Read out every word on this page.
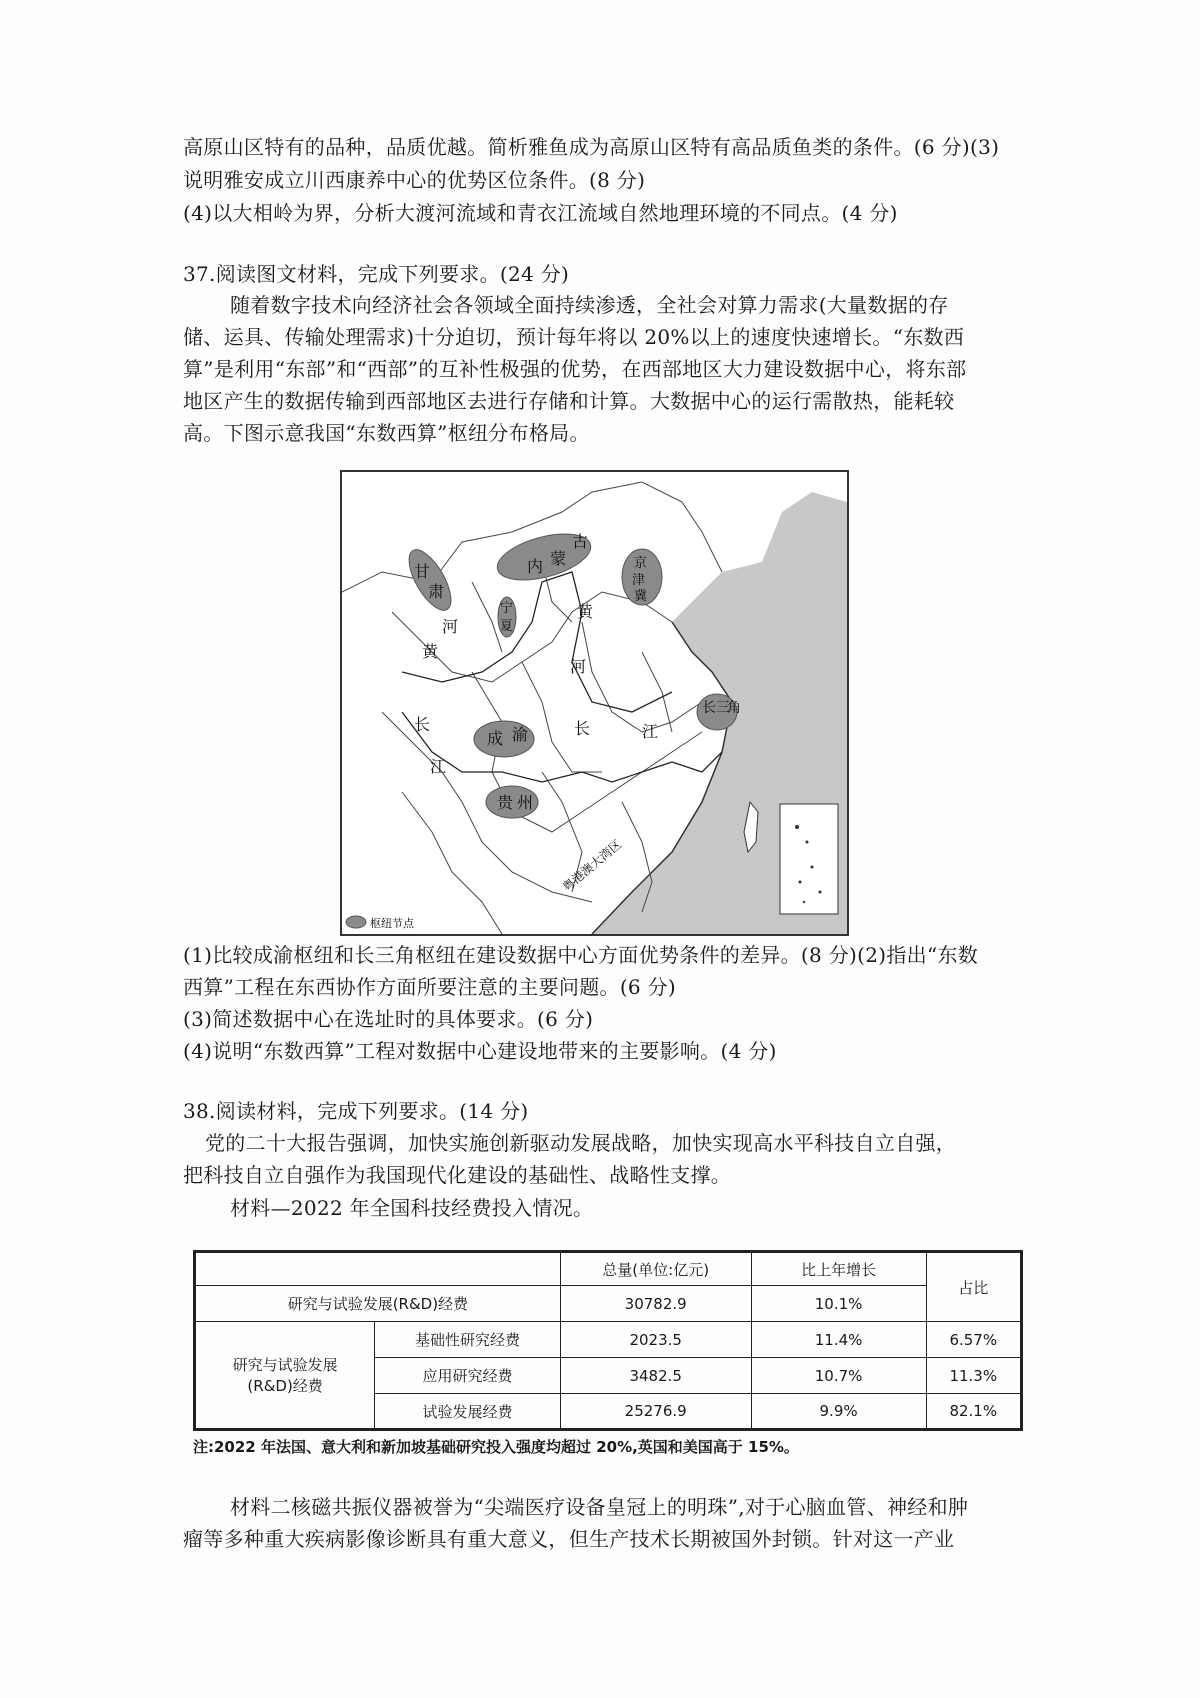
高原山区特有的品种，品质优越。简析雅鱼成为高原山区特有高品质鱼类的条件。(6 分)(3)
说明雅安成立川西康养中心的优势区位条件。(8 分)
(4)以大相岭为界，分析大渡河流域和青衣江流域自然地理环境的不同点。(4 分)
37.阅读图文材料，完成下列要求。(24 分)
随着数字技术向经济社会各领域全面持续渗透，全社会对算力需求(大量数据的存
储、运具、传输处理需求)十分迫切，预计每年将以 20%以上的速度快速增长。“东数西
算”是利用“东部”和“西部”的互补性极强的优势，在西部地区大力建设数据中心，将东部
地区产生的数据传输到西部地区去进行存储和计算。大数据中心的运行需散热，能耗较
高。下图示意我国“东数西算”枢纽分布格局。
甘
肃
内 蒙
古
京
津
冀
宁
夏
河
黄
黄
河
长
江
长	江
成 渝
贵 州
长三
角
粤港澳大湾区
枢纽节点
(1)比较成渝枢纽和长三角枢纽在建设数据中心方面优势条件的差异。(8 分)(2)指出“东数
西算”工程在东西协作方面所要注意的主要问题。(6 分)
(3)简述数据中心在选址时的具体要求。(6 分)
(4)说明“东数西算”工程对数据中心建设地带来的主要影响。(4 分)
38.阅读材料，完成下列要求。(14 分)
党的二十大报告强调，加快实施创新驱动发展战略，加快实现高水平科技自立自强，
把科技自立自强作为我国现代化建设的基础性、战略性支撑。
材料—2022 年全国科技经费投入情况。
		总量(单位:亿元)	比上年增长	占比
研究与试验发展(R&D)经费		30782.9	10.1%	

研究与试验发展
(R&D)经费	基础性研究经费	2023.5	11.4%	6.57%
	应用研究经费	3482.5	10.7%	11.3%
	试验发展经费	25276.9	9.9%	82.1%
注:2022 年法国、意大利和新加坡基础研究投入强度均超过 20%,英国和美国高于 15%。
材料二核磁共振仪器被誉为“尖端医疗设备皇冠上的明珠”,对于心脑血管、神经和肿
瘤等多种重大疾病影像诊断具有重大意义，但生产技术长期被国外封锁。针对这一产业
